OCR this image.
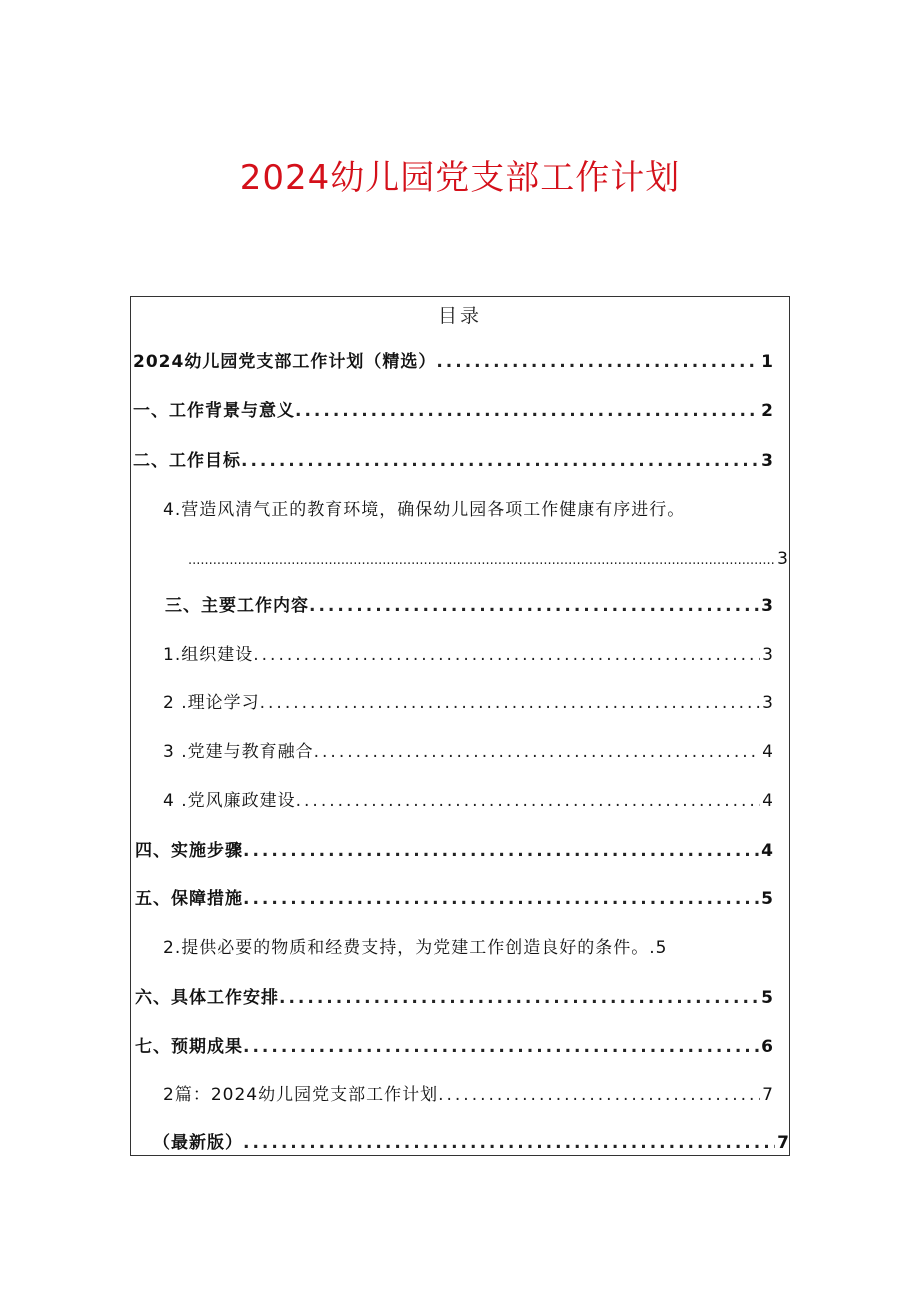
2024幼儿园党支部工作计划
目录
2024幼儿园党支部工作计划（精选） .....	1
一、工作背景与意义 .....	2
二、工作目标 .....	3
4.营造风清气正的教育环境，确保幼儿园各项工作健康有序进行。
.....
3
三、主要工作内容 .....	3
1.组织建设 .....	3
2 .理论学习 .....	3
3 .党建与教育融合 .....	4
4 .党风廉政建设 .....	4
四、实施步骤 .....	4
五、保障措施 .....	5
2.提供必要的物质和经费支持，为党建工作创造良好的条件。.5
六、具体工作安排 .....	5
七、预期成果 .....	6
2篇：2024幼儿园党支部工作计划 .....	7
（最新版） .....	7
